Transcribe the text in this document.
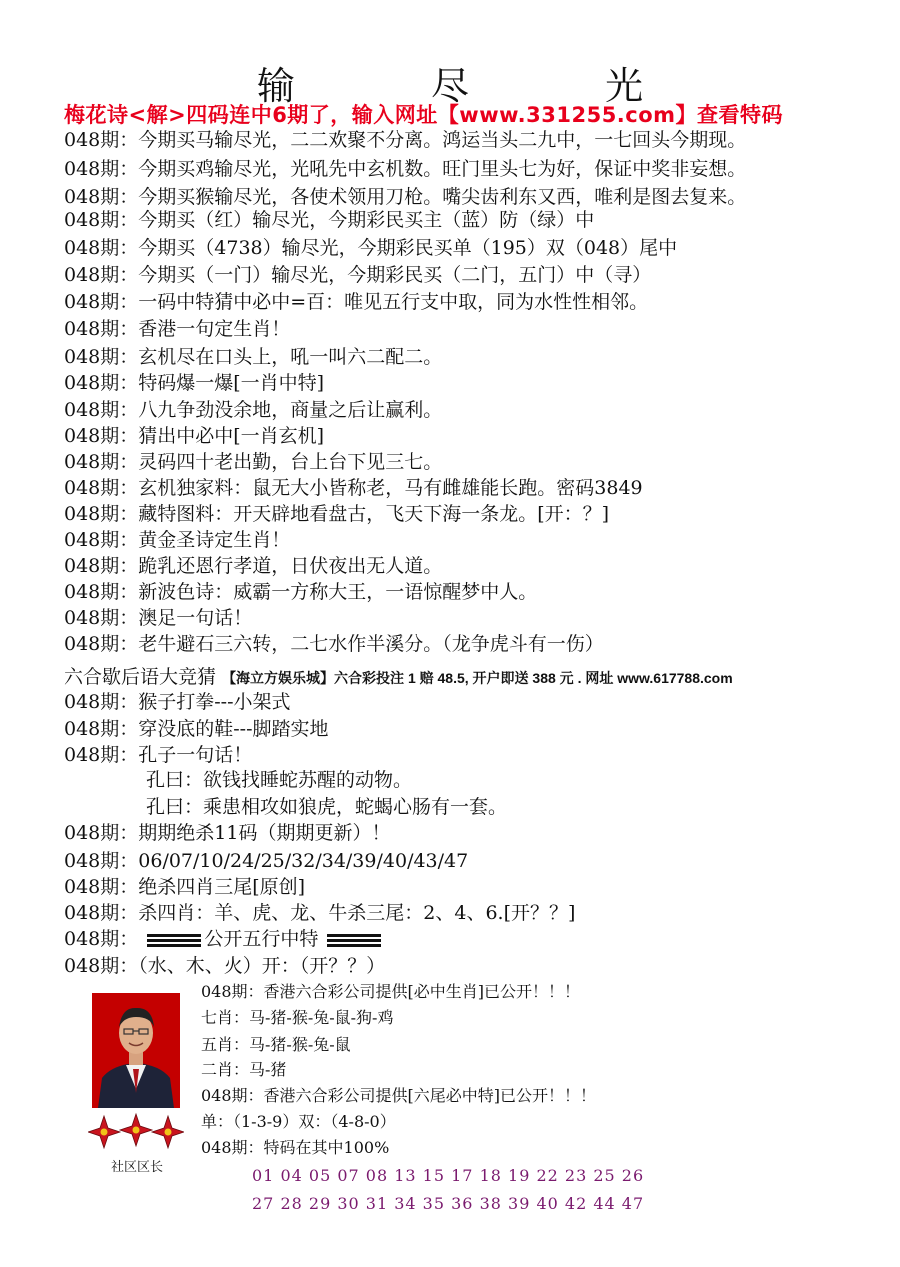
输 尽 光
梅花诗<解>四码连中6期了，输入网址【www.331255.com】查看特码
048期：今期买马输尽光，二二欢聚不分离。鸿运当头二九中，一七回头今期现。
048期：今期买鸡输尽光，光吼先中玄机数。旺门里头七为好，保证中奖非妄想。
048期：今期买猴输尽光，各使术领用刀枪。嘴尖齿利东又西，唯利是图去复来。
048期：今期买（红）输尽光，今期彩民买主（蓝）防（绿）中
048期：今期买（4738）输尽光，今期彩民买单（195）双（048）尾中
048期：今期买（一门）输尽光，今期彩民买（二门，五门）中（寻）
048期：一码中特猜中必中=百：唯见五行支中取，同为水性性相邻。
048期：香港一句定生肖！
048期：玄机尽在口头上，吼一叫六二配二。
048期：特码爆一爆[一肖中特]
048期：八九争劲没余地，商量之后让赢利。
048期：猜出中必中[一肖玄机]
048期：灵码四十老出勤，台上台下见三七。
048期：玄机独家料：鼠无大小皆称老，马有雌雄能长跑。密码3849
048期：藏特图料：开天辟地看盘古，飞天下海一条龙。[开：？]
048期：黄金圣诗定生肖！
048期：跪乳还恩行孝道，日伏夜出无人道。
048期：新波色诗：威霸一方称大王，一语惊醒梦中人。
048期：澳足一句话！
048期：老牛避石三六转，二七水作半溪分。（龙争虎斗有一伤）
六合歇后语大竞猜 【海立方娱乐城】六合彩投注 1 赔 48.5, 开户即送 388 元 . 网址 www.617788.com
048期：猴子打拳---小架式
048期：穿没底的鞋---脚踏实地
048期：孔子一句话！
孔曰：欲钱找睡蛇苏醒的动物。
孔曰：乘患相攻如狼虎，蛇蝎心肠有一套。
048期：期期绝杀11码（期期更新）！
048期：06/07/10/24/25/32/34/39/40/43/47
048期：绝杀四肖三尾[原创]
048期：杀四肖：羊、虎、龙、牛杀三尾：2、4、6.[开？？]
048期：	公开五行中特
048期：（水、木、火）开：（开？？）
社区区长
048期：香港六合彩公司提供[必中生肖]已公开！！！
七肖：马-猪-猴-兔-鼠-狗-鸡
五肖：马-猪-猴-兔-鼠
二肖：马-猪
048期：香港六合彩公司提供[六尾必中特]已公开！！！
单：（1-3-9）双：（4-8-0）
048期：特码在其中100%
01 04 05 07 08 13 15 17 18 19 22 23 25 26
27 28 29 30 31 34 35 36 38 39 40 42 44 47
